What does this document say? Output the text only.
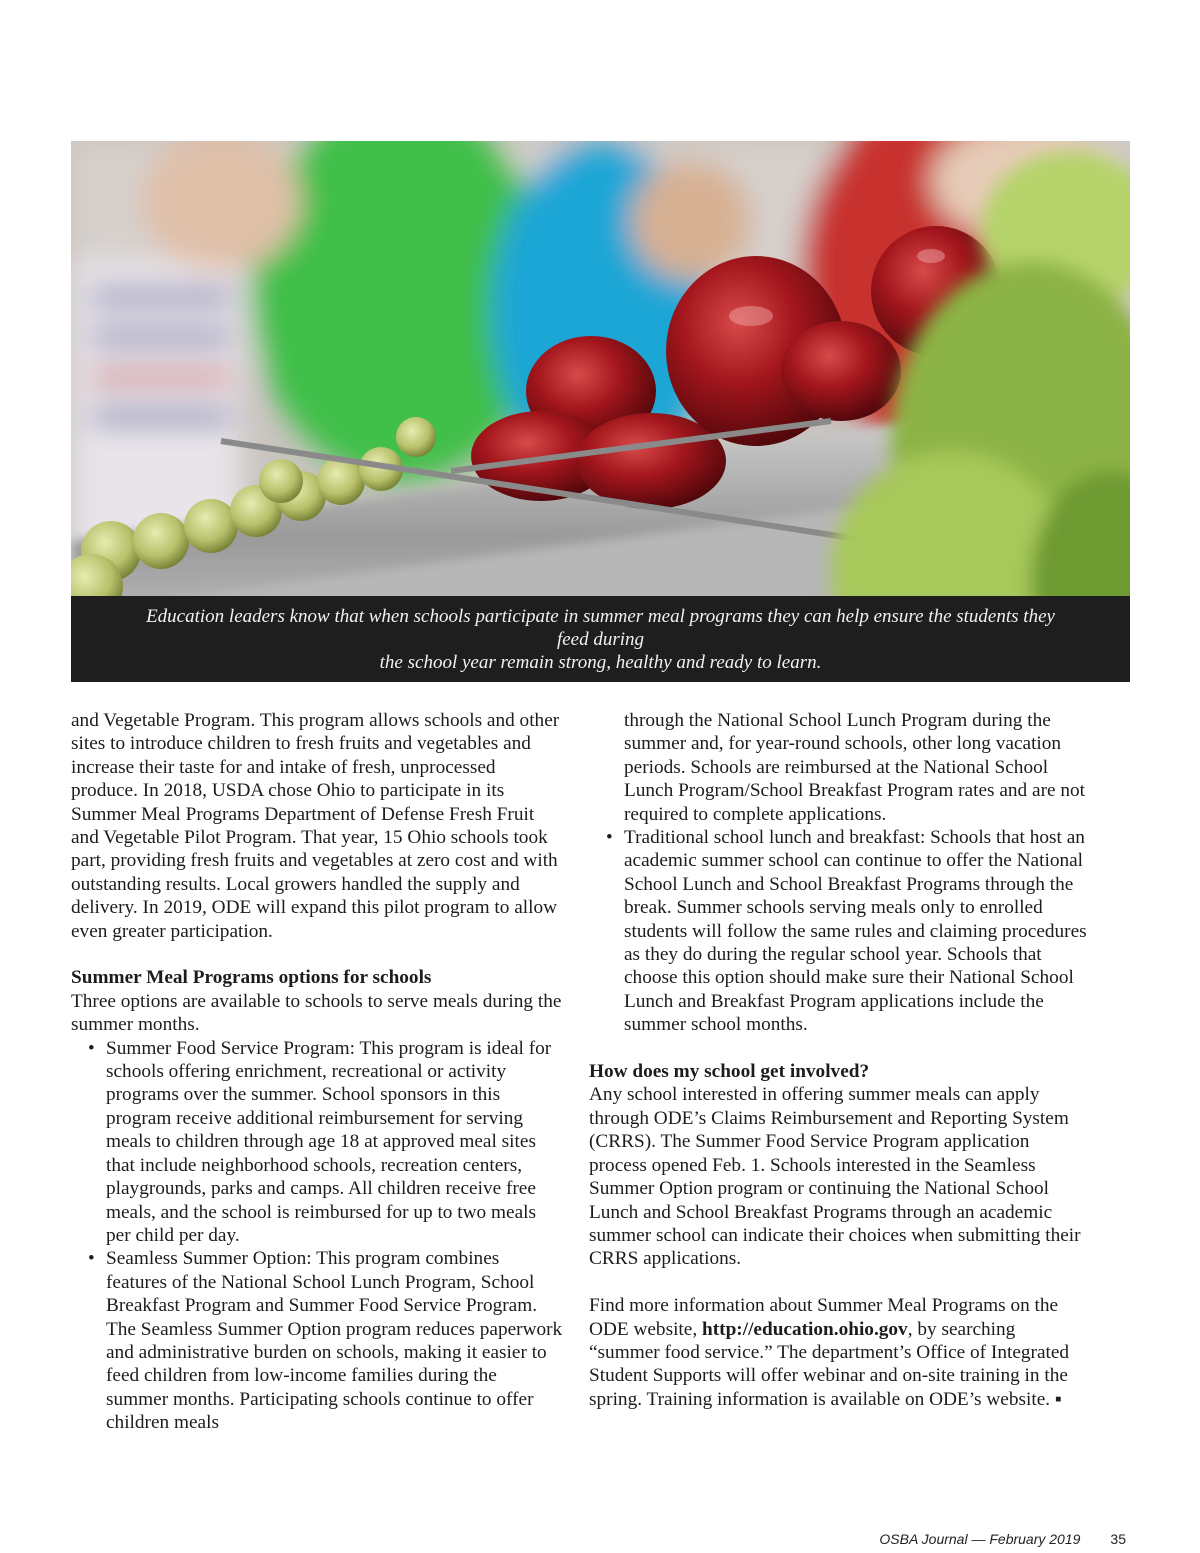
Education leaders know that when schools participate in summer meal programs they can help ensure the students they feed during
the school year remain strong, healthy and ready to learn.

and Vegetable Program. This program allows schools and other sites to introduce children to fresh fruits and vegetables and increase their taste for and intake of fresh, unprocessed produce. In 2018, USDA chose Ohio to participate in its Summer Meal Programs Department of Defense Fresh Fruit and Vegetable Pilot Program. That year, 15 Ohio schools took part, providing fresh fruits and vegetables at zero cost and with outstanding results. Local growers handled the supply and delivery. In 2019, ODE will expand this pilot program to allow even greater participation.

Summer Meal Programs options for schools

Three options are available to schools to serve meals during the summer months.

• Summer Food Service Program: This program is ideal for schools offering enrichment, recreational or activity programs over the summer. School sponsors in this program receive additional reimbursement for serving meals to children through age 18 at approved meal sites that include neighborhood schools, recreation centers, playgrounds, parks and camps. All children receive free meals, and the school is reimbursed for up to two meals per child per day.
• Seamless Summer Option: This program combines features of the National School Lunch Program, School Breakfast Program and Summer Food Service Program. The Seamless Summer Option program reduces paperwork and administrative burden on schools, making it easier to feed children from low-income families during the summer months. Participating schools continue to offer children meals
through the National School Lunch Program during the summer and, for year-round schools, other long vacation periods. Schools are reimbursed at the National School Lunch Program/School Breakfast Program rates and are not required to complete applications.
• Traditional school lunch and breakfast: Schools that host an academic summer school can continue to offer the National School Lunch and School Breakfast Programs through the break. Summer schools serving meals only to enrolled students will follow the same rules and claiming procedures as they do during the regular school year. Schools that choose this option should make sure their National School Lunch and Breakfast Program applications include the summer school months.
How does my school get involved?

Any school interested in offering summer meals can apply through ODE’s Claims Reimbursement and Reporting System (CRRS). The Summer Food Service Program application process opened Feb. 1. Schools interested in the Seamless Summer Option program or continuing the National School Lunch and School Breakfast Programs through an academic summer school can indicate their choices when submitting their CRRS applications.

Find more information about Summer Meal Programs on the ODE website, http://education.ohio.gov, by searching “summer food service.” The department’s Office of Integrated Student Supports will offer webinar and on-site training in the spring. Training information is available on ODE’s website. ▪

OSBA Journal — February 2019 35
